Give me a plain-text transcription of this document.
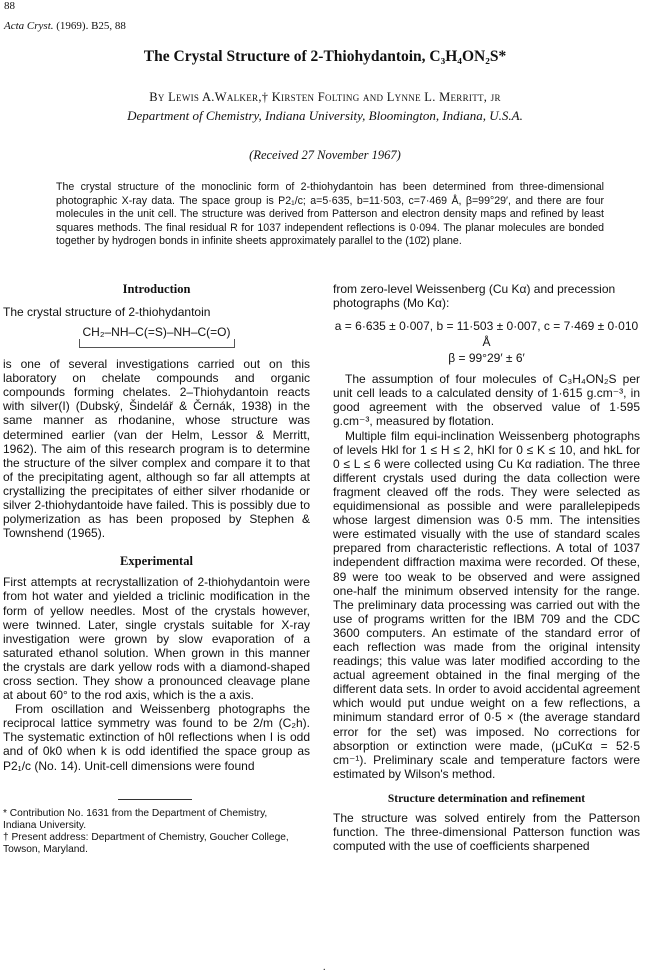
88
Acta Cryst. (1969). B25, 88
The Crystal Structure of 2-Thiohydantoin, C₃H₄ON₂S*
By Lewis A.Walker,† Kirsten Folting and Lynne L. Merritt, jr
Department of Chemistry, Indiana University, Bloomington, Indiana, U.S.A.
(Received 27 November 1967)
The crystal structure of the monoclinic form of 2-thiohydantoin has been determined from three-dimensional photographic X-ray data. The space group is P2₁/c; a=5·635, b=11·503, c=7·469 Å, β=99°29′, and there are four molecules in the unit cell. The structure was derived from Patterson and electron density maps and refined by least squares methods. The final residual R for 1037 independent reflections is 0·094. The planar molecules are bonded together by hydrogen bonds in infinite sheets approximately parallel to the (10̄2) plane.

Introduction

The crystal structure of 2-thiohydantoin

CH₂–NH–C(=S)–NH–C(=O)

is one of several investigations carried out on this laboratory on chelate compounds and organic compounds forming chelates. 2–Thiohydantoin reacts with silver(I) (Dubský, Šindelář & Černák, 1938) in the same manner as rhodanine, whose structure was determined earlier (van der Helm, Lessor & Merritt, 1962). The aim of this research program is to determine the structure of the silver complex and compare it to that of the precipitating agent, although so far all attempts at crystallizing the precipitates of either silver rhodanide or silver 2-thiohydantoide have failed. This is possibly due to polymerization as has been proposed by Stephen & Townshend (1965).

Experimental

First attempts at recrystallization of 2-thiohydantoin were from hot water and yielded a triclinic modification in the form of yellow needles. Most of the crystals however, were twinned. Later, single crystals suitable for X-ray investigation were grown by slow evaporation of a saturated ethanol solution. When grown in this manner the crystals are dark yellow rods with a diamond-shaped cross section. They show a pronounced cleavage plane at about 60° to the rod axis, which is the a axis.

From oscillation and Weissenberg photographs the reciprocal lattice symmetry was found to be 2/m (C₂h). The systematic extinction of h0l reflections when l is odd and of 0k0 when k is odd identified the space group as P2₁/c (No. 14). Unit-cell dimensions were found

* Contribution No. 1631 from the Department of Chemistry, Indiana University.

† Present address: Department of Chemistry, Goucher College, Towson, Maryland.

from zero-level Weissenberg (Cu Kα) and precession photographs (Mo Kα):

a = 6·635 ± 0·007, b = 11·503 ± 0·007, c = 7·469 ± 0·010 Å
β = 99°29′ ± 6′

The assumption of four molecules of C₃H₄ON₂S per unit cell leads to a calculated density of 1·615 g.cm⁻³, in good agreement with the observed value of 1·595 g.cm⁻³, measured by flotation.

Multiple film equi-inclination Weissenberg photographs of levels Hkl for 1 ≤ H ≤ 2, hKl for 0 ≤ K ≤ 10, and hkL for 0 ≤ L ≤ 6 were collected using Cu Kα radiation. The three different crystals used during the data collection were fragment cleaved off the rods. They were selected as equidimensional as possible and were parallelepipeds whose largest dimension was 0·5 mm. The intensities were estimated visually with the use of standard scales prepared from characteristic reflections. A total of 1037 independent diffraction maxima were recorded. Of these, 89 were too weak to be observed and were assigned one-half the minimum observed intensity for the range. The preliminary data processing was carried out with the use of programs written for the IBM 709 and the CDC 3600 computers. An estimate of the standard error of each reflection was made from the original intensity readings; this value was later modified according to the actual agreement obtained in the final merging of the different data sets. In order to avoid accidental agreement which would put undue weight on a few reflections, a minimum standard error of 0·5 × (the average standard error for the set) was imposed. No corrections for absorption or extinction were made, (μCuKα = 52·5 cm⁻¹). Preliminary scale and temperature factors were estimated by Wilson's method.

Structure determination and refinement

The structure was solved entirely from the Patterson function. The three-dimensional Patterson function was computed with the use of coefficients sharpened

.
